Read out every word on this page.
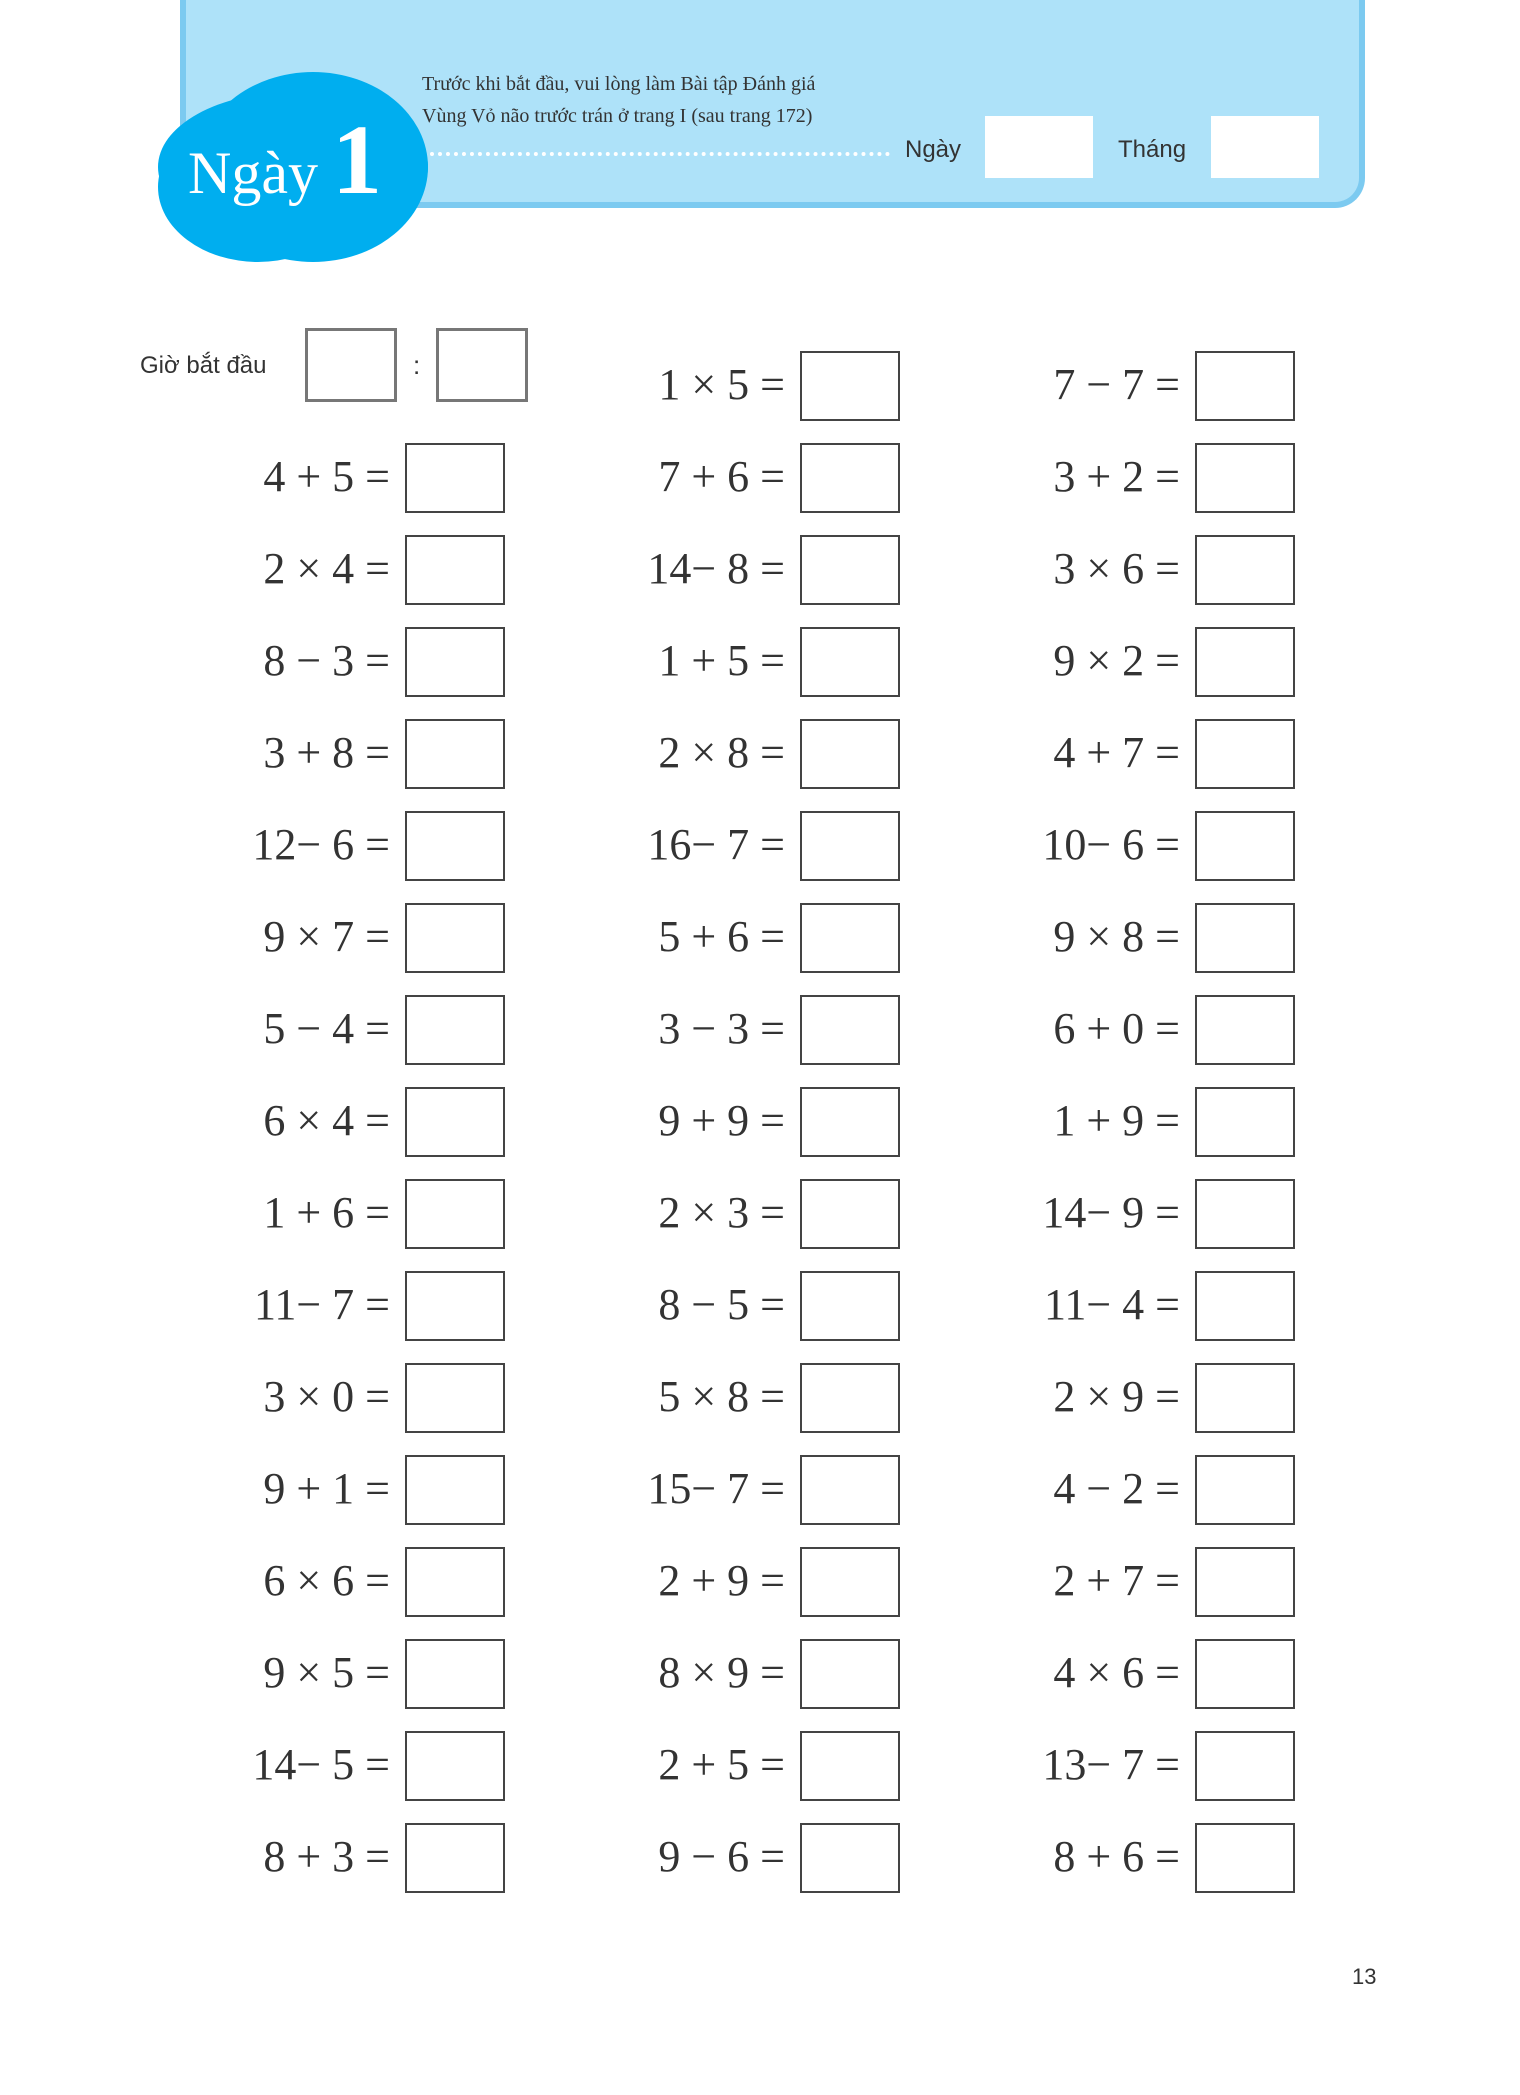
Ngày 1
Trước khi bắt đầu, vui lòng làm Bài tập Đánh giá
Vùng Vỏ não trước trán ở trang I (sau trang 172)
Ngày	Tháng
Giờ bắt đầu	:
4 + 5 =
2 × 4 =
8 − 3 =
3 + 8 =
12− 6 =
9 × 7 =
5 − 4 =
6 × 4 =
1 + 6 =
11− 7 =
3 × 0 =
9 + 1 =
6 × 6 =
9 × 5 =
14− 5 =
8 + 3 =
1 × 5 =
7 + 6 =
14− 8 =
1 + 5 =
2 × 8 =
16− 7 =
5 + 6 =
3 − 3 =
9 + 9 =
2 × 3 =
8 − 5 =
5 × 8 =
15− 7 =
2 + 9 =
8 × 9 =
2 + 5 =
9 − 6 =
7 − 7 =
3 + 2 =
3 × 6 =
9 × 2 =
4 + 7 =
10− 6 =
9 × 8 =
6 + 0 =
1 + 9 =
14− 9 =
11− 4 =
2 × 9 =
4 − 2 =
2 + 7 =
4 × 6 =
13− 7 =
8 + 6 =
13
